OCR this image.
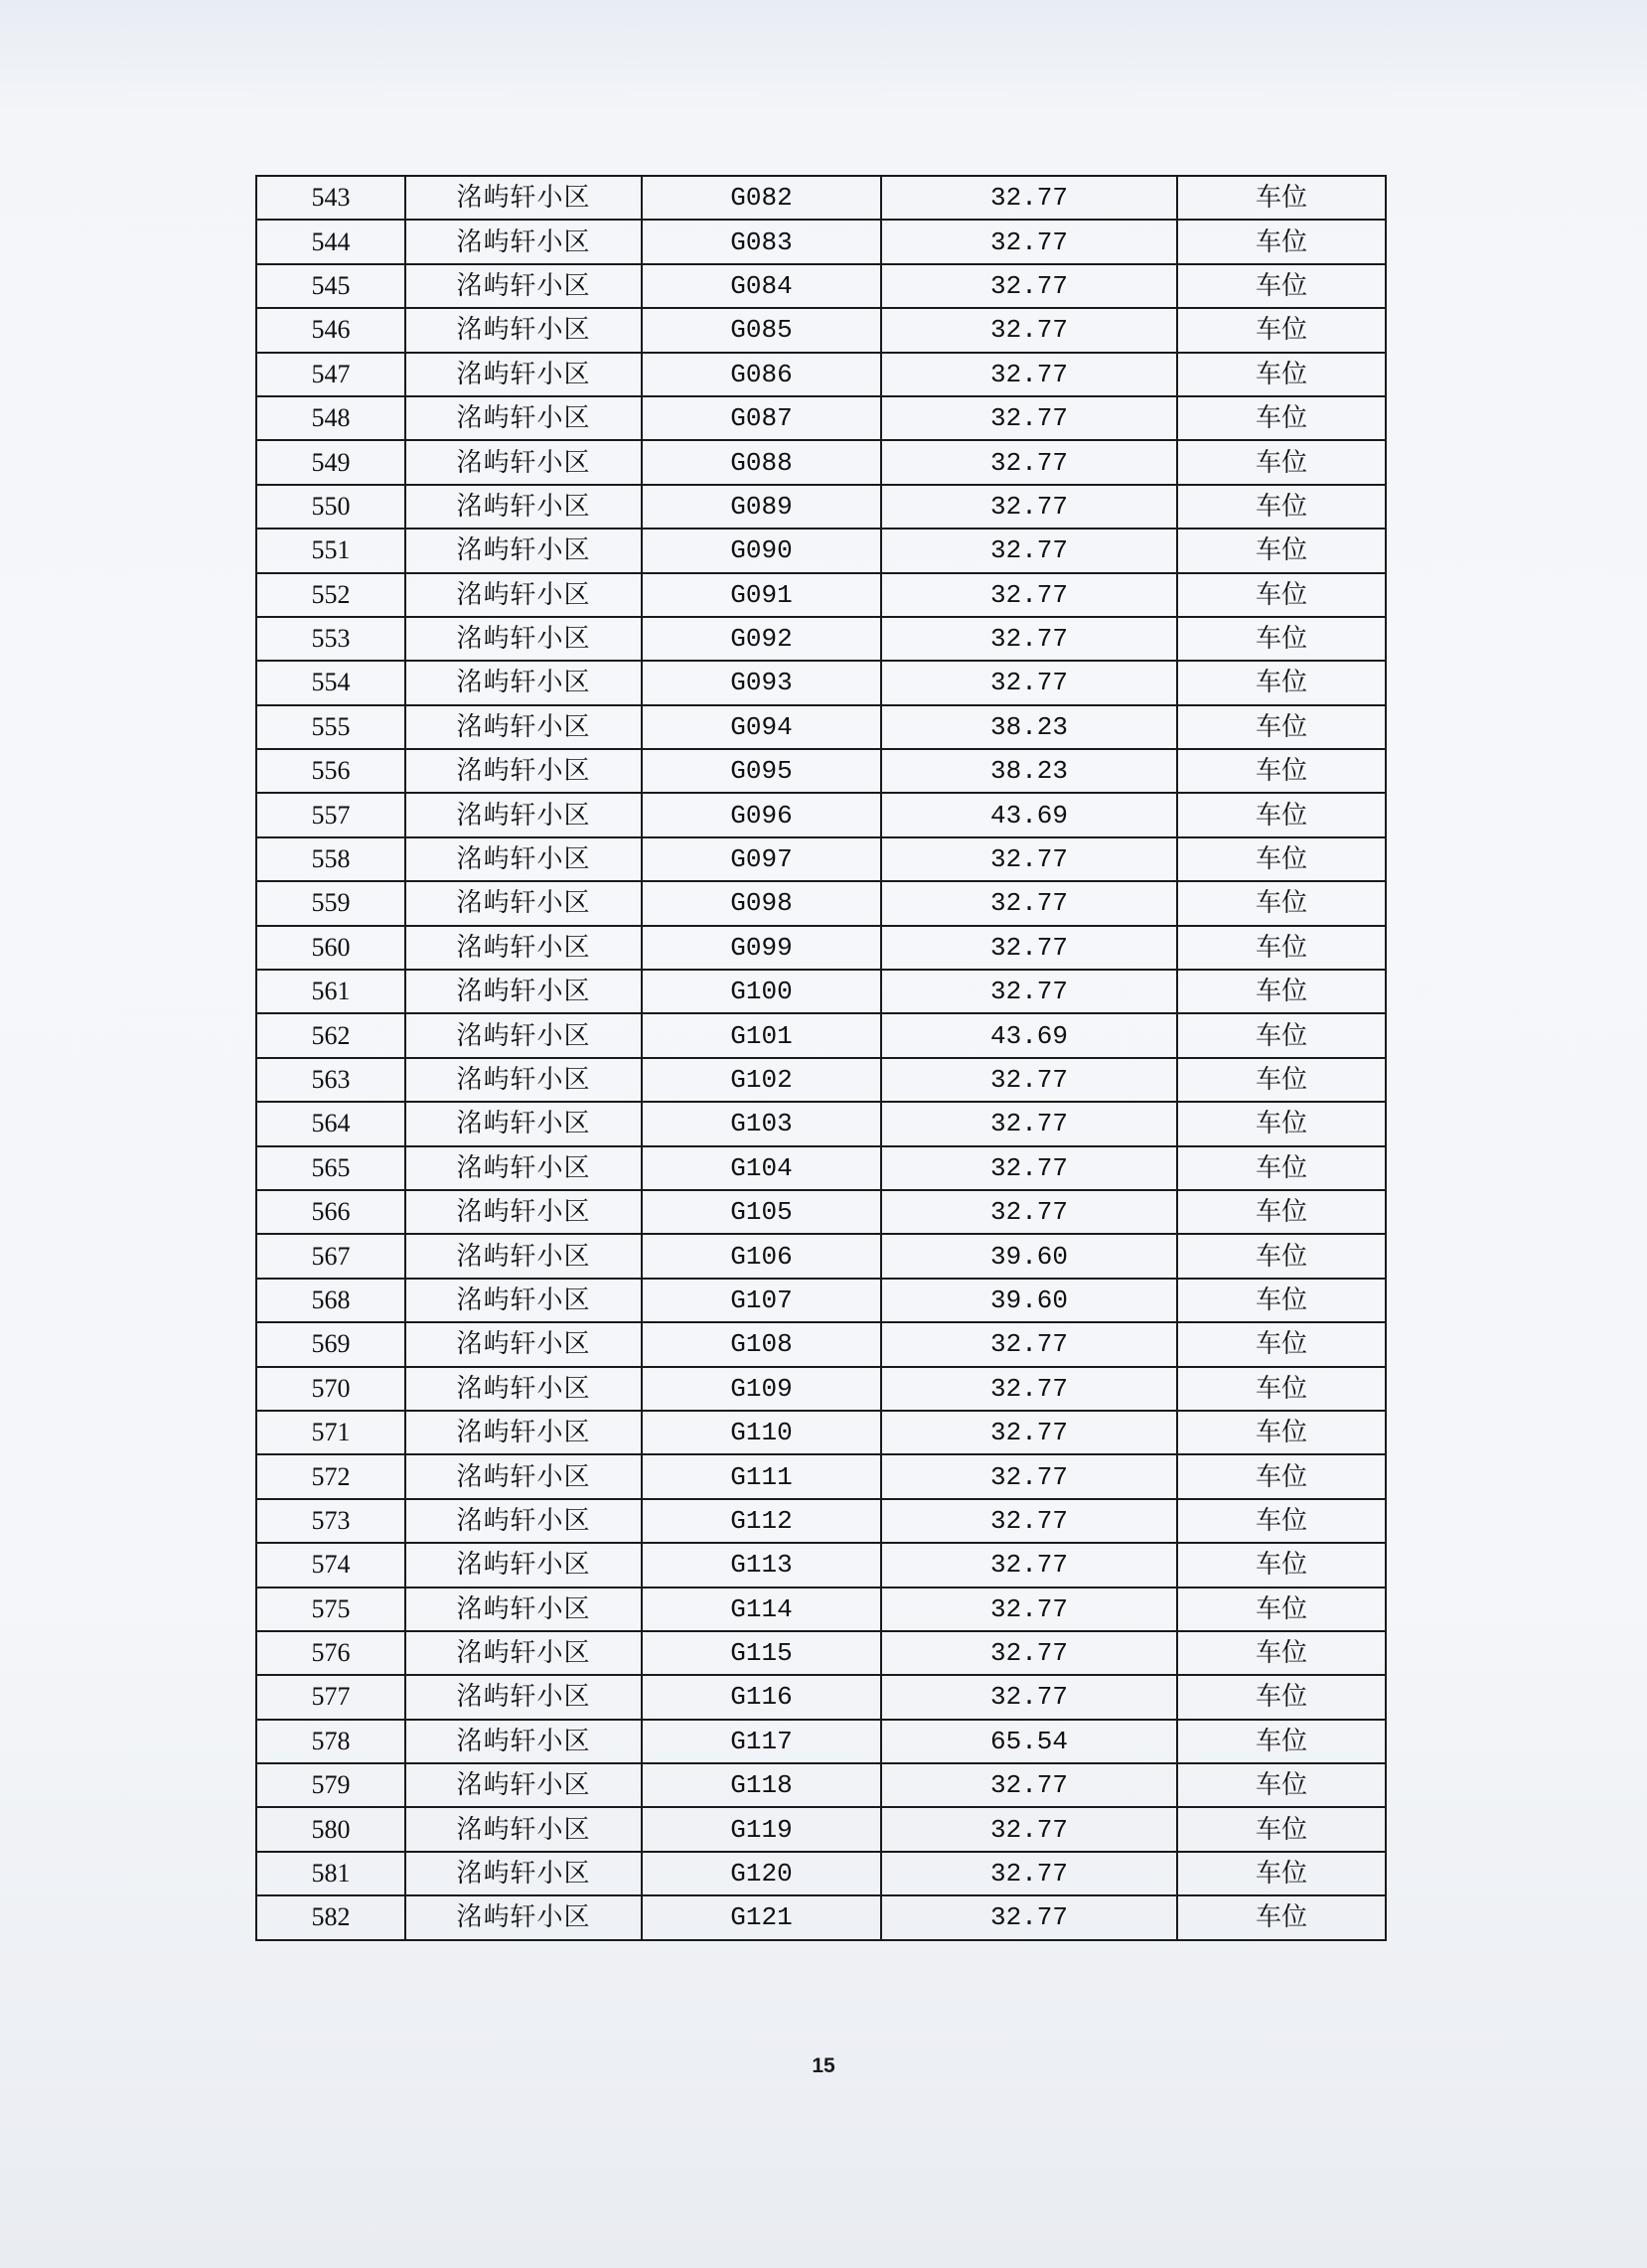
543	洺屿轩小区	G082	32.77	车位
544	洺屿轩小区	G083	32.77	车位
545	洺屿轩小区	G084	32.77	车位
546	洺屿轩小区	G085	32.77	车位
547	洺屿轩小区	G086	32.77	车位
548	洺屿轩小区	G087	32.77	车位
549	洺屿轩小区	G088	32.77	车位
550	洺屿轩小区	G089	32.77	车位
551	洺屿轩小区	G090	32.77	车位
552	洺屿轩小区	G091	32.77	车位
553	洺屿轩小区	G092	32.77	车位
554	洺屿轩小区	G093	32.77	车位
555	洺屿轩小区	G094	38.23	车位
556	洺屿轩小区	G095	38.23	车位
557	洺屿轩小区	G096	43.69	车位
558	洺屿轩小区	G097	32.77	车位
559	洺屿轩小区	G098	32.77	车位
560	洺屿轩小区	G099	32.77	车位
561	洺屿轩小区	G100	32.77	车位
562	洺屿轩小区	G101	43.69	车位
563	洺屿轩小区	G102	32.77	车位
564	洺屿轩小区	G103	32.77	车位
565	洺屿轩小区	G104	32.77	车位
566	洺屿轩小区	G105	32.77	车位
567	洺屿轩小区	G106	39.60	车位
568	洺屿轩小区	G107	39.60	车位
569	洺屿轩小区	G108	32.77	车位
570	洺屿轩小区	G109	32.77	车位
571	洺屿轩小区	G110	32.77	车位
572	洺屿轩小区	G111	32.77	车位
573	洺屿轩小区	G112	32.77	车位
574	洺屿轩小区	G113	32.77	车位
575	洺屿轩小区	G114	32.77	车位
576	洺屿轩小区	G115	32.77	车位
577	洺屿轩小区	G116	32.77	车位
578	洺屿轩小区	G117	65.54	车位
579	洺屿轩小区	G118	32.77	车位
580	洺屿轩小区	G119	32.77	车位
581	洺屿轩小区	G120	32.77	车位
582	洺屿轩小区	G121	32.77	车位
15
